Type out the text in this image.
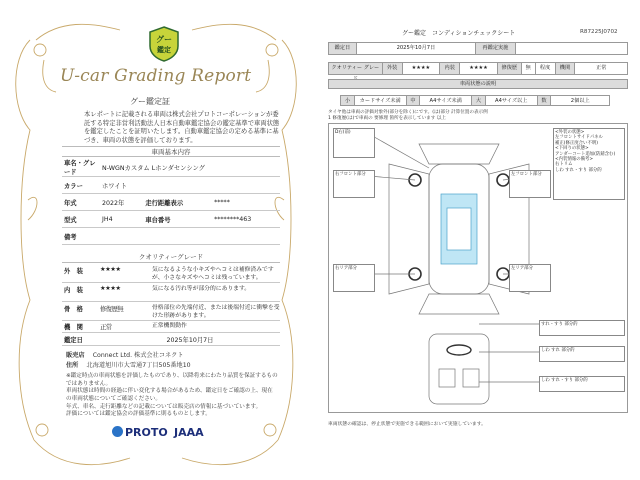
グー
鑑定
U-car Grading Report
グー鑑定証
本レポートに記載される車両は株式会社プロトコーポレーションが委託する特定非営利活動法人日本自動車鑑定協会の鑑定基準で車両状態を鑑定したことを証明いたします。自動車鑑定協会の定める基準に基づき、車両の状態を評価しております。
車両基本内容
車名・グレード	N-WGNカスタム Lホンダセンシング		
カラー	ホワイト		
年式	2022年	走行距離表示	*****
型式	JH4	車台番号	********463
備考			
クオリティーグレード
外　装	★★★★	気になるような小キズやヘコミは補修済みですが、小さなキズやヘコミは残っています。
内　装	★★★★	気になる汚れ等が部分的にあります。
骨　格	修復歴無	骨格部位の先端付近、または後端付近に衝撃を受けた形跡があります。
機　関	正常	正常機関動作
鑑定日	2025年10月7日
販売店　 Connect Ltd. 株式会社コネクト
住所　 北海道旭川市大雪通7丁目505番地10
※鑑定時点の車両状態を評価したものであり、以降将来にわたり品質を保証するものではありません。
車両状態は時間の経過に伴い変化する場合があるため、鑑定日をご確認の上、現在の車両状態についてご確認ください。
年式、車名、走行距離などの記載については販売店の情報に基づいています。
評価については鑑定協会の評価基準に則るものとします。
PROTO JAAA
グー鑑定　コンディションチェックシート	R87225J0702
鑑定日	2025年10月7日	再鑑定実施
クオリティー グレー	外装	★★★★	内装	★★★★	修復歴	無	程度	機関	正常
車両状態の説明
小	カードサイズ未満	中	A4サイズ未満	大	A4サイズ以上	数	2個以上
タイヤ他は車両の評価対象外(部分を除く)にです。(は)部分 計算位置の表示例
1 修復歴(は)で車両の 要修理 箇所を表示しています 以上
D右(前)
右フロント部分
右リア部分	左リア部分
左フロント部分
<外装の状態>
左フロントサイドパネル
補正(修正度合い不明)
<下回りの状態>
アンダーコート追加(防錆含む)
<内装情報の備考>
右トリム
しわ すれ・すり 部分的
すれ・すり 部分的
しわ すれ 部分的
しわ すれ・すり 部分的
車両状態の確認は、停止状態で実施できる範囲において実施しています。
